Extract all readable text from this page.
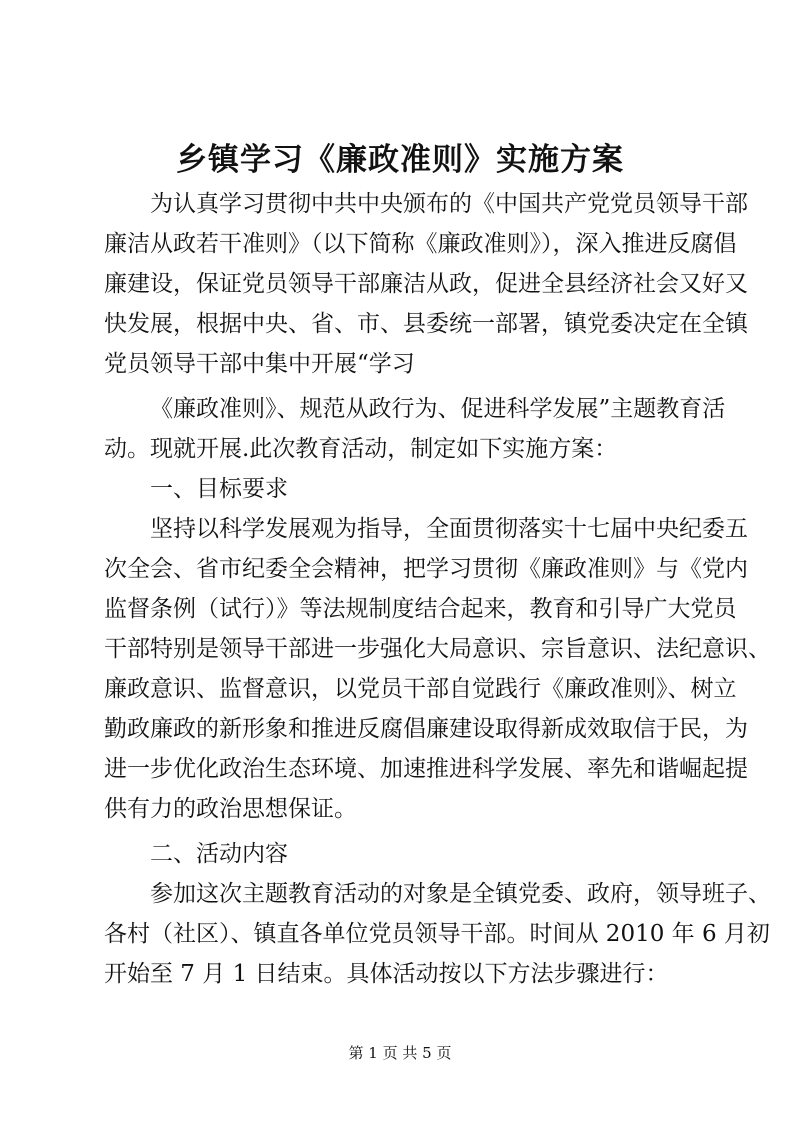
乡镇学习《廉政准则》实施方案

为认真学习贯彻中共中央颁布的《中国共产党党员领导干部

廉洁从政若干准则》（以下简称《廉政准则》），深入推进反腐倡

廉建设，保证党员领导干部廉洁从政，促进全县经济社会又好又

快发展，根据中央、省、市、县委统一部署，镇党委决定在全镇

党员领导干部中集中开展“学习

《廉政准则》、规范从政行为、促进科学发展”主题教育活

动。现就开展.此次教育活动，制定如下实施方案：

一、目标要求

坚持以科学发展观为指导，全面贯彻落实十七届中央纪委五

次全会、省市纪委全会精神，把学习贯彻《廉政准则》与《党内

监督条例（试行）》等法规制度结合起来，教育和引导广大党员

干部特别是领导干部进一步强化大局意识、宗旨意识、法纪意识、

廉政意识、监督意识，以党员干部自觉践行《廉政准则》、树立

勤政廉政的新形象和推进反腐倡廉建设取得新成效取信于民，为

进一步优化政治生态环境、加速推进科学发展、率先和谐崛起提

供有力的政治思想保证。

二、活动内容

参加这次主题教育活动的对象是全镇党委、政府，领导班子、

各村（社区）、镇直各单位党员领导干部。时间从 2010 年 6 月初

开始至 7 月 1 日结束。具体活动按以下方法步骤进行：

第 1 页 共 5 页
